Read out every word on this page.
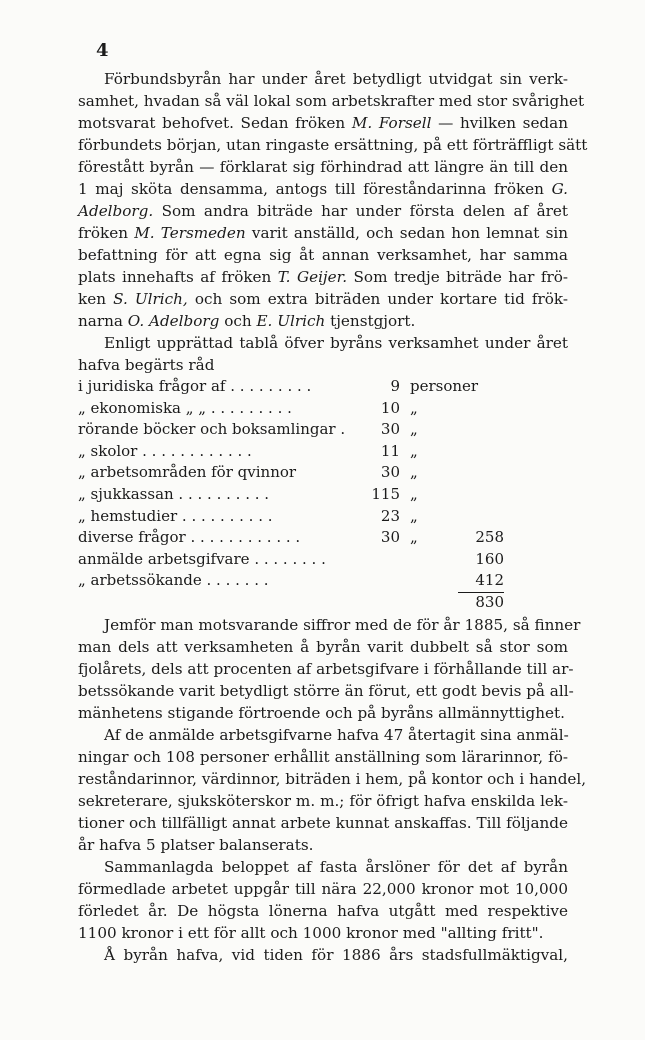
4
Förbundsbyrån har under året betydligt utvidgat sin verk-
samhet, hvadan så väl lokal som arbetskrafter med stor svårighet
motsvarat behofvet. Sedan fröken M. Forsell — hvilken sedan
förbundets början, utan ringaste ersättning, på ett förträffligt sätt
förestått byrån — förklarat sig förhindrad att längre än till den
1 maj sköta densamma, antogs till föreståndarinna fröken G.
Adelborg. Som andra biträde har under första delen af året
fröken M. Tersmeden varit anställd, och sedan hon lemnat sin
befattning för att egna sig åt annan verksamhet, har samma
plats innehafts af fröken T. Geijer. Som tredje biträde har frö-
ken S. Ulrich, och som extra biträden under kortare tid frök-
narna O. Adelborg och E. Ulrich tjenstgjort.
Enligt upprättad tablå öfver byråns verksamhet under året
hafva begärts råd
i juridiska frågor af . . . . . . . . .	9 personer
„ ekonomiska „ „ . . . . . . . . .	10 „
rörande böcker och boksamlingar .	30 „
„ skolor . . . . . . . . . . . .	11 „
„ arbetsområden för qvinnor	30 „
„ sjukkassan . . . . . . . . . .	115 „
„ hemstudier . . . . . . . . . .	23 „
diverse frågor . . . . . . . . . . . .	30 „	258
anmälde arbetsgifvare . . . . . . . .	160
„ arbetssökande . . . . . . .	412
830
Jemför man motsvarande siffror med de för år 1885, så finner
man dels att verksamheten å byrån varit dubbelt så stor som
fjolårets, dels att procenten af arbetsgifvare i förhållande till ar-
betssökande varit betydligt större än förut, ett godt bevis på all-
mänhetens stigande förtroende och på byråns allmännyttighet.
Af de anmälde arbetsgifvarne hafva 47 återtagit sina anmäl-
ningar och 108 personer erhållit anställning som lärarinnor, fö-
reståndarinnor, värdinnor, biträden i hem, på kontor och i handel,
sekreterare, sjuksköterskor m. m.; för öfrigt hafva enskilda lek-
tioner och tillfälligt annat arbete kunnat anskaffas. Till följande
år hafva 5 platser balanserats.
Sammanlagda beloppet af fasta årslöner för det af byrån
förmedlade arbetet uppgår till nära 22,000 kronor mot 10,000
förledet år. De högsta lönerna hafva utgått med respektive
1100 kronor i ett för allt och 1000 kronor med "allting fritt".
Å byrån hafva, vid tiden för 1886 års stadsfullmäktigval,
